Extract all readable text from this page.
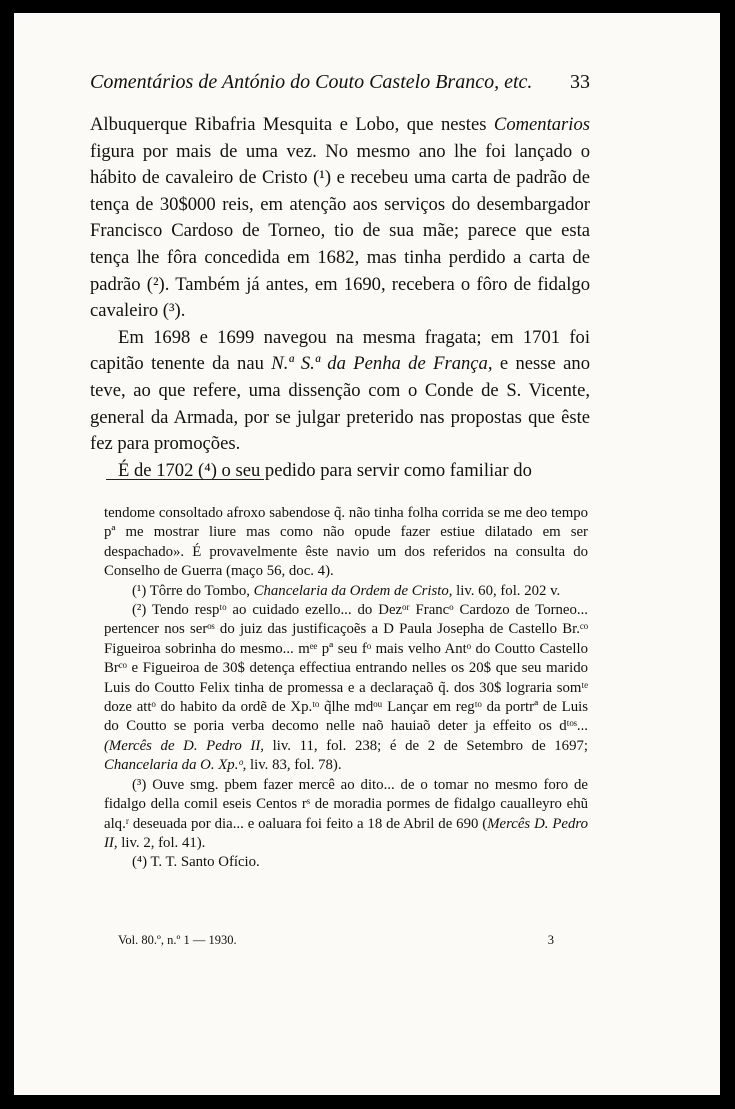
Comentários de António do Couto Castelo Branco, etc. 33

Albuquerque Ribafria Mesquita e Lobo, que nestes Comentarios figura por mais de uma vez. No mesmo ano lhe foi lançado o hábito de cavaleiro de Cristo (¹) e recebeu uma carta de padrão de tença de 30$000 reis, em atenção aos serviços do desembargador Francisco Cardoso de Torneo, tio de sua mãe; parece que esta tença lhe fôra concedida em 1682, mas tinha perdido a carta de padrão (²). Também já antes, em 1690, recebera o fôro de fidalgo cavaleiro (³).

Em 1698 e 1699 navegou na mesma fragata; em 1701 foi capitão tenente da nau N.ª S.ª da Penha de França, e nesse ano teve, ao que refere, uma dissenção com o Conde de S. Vicente, general da Armada, por se julgar preterido nas propostas que êste fez para promoções.

É de 1702 (⁴) o seu pedido para servir como familiar do

tendome consoltado afroxo sabendose q̃. não tinha folha corrida se me deo tempo pª me mostrar liure mas como não opude fazer estiue dilatado em ser despachado». É provavelmente êste navio um dos referidos na consulta do Conselho de Guerra (maço 56, doc. 4).

(¹) Tôrre do Tombo, Chancelaria da Ordem de Cristo, liv. 60, fol. 202 v.

(²) Tendo respᵗᵒ ao cuidado ezello... do Dezᵒʳ Francᵒ Cardozo de Torneo... pertencer nos serᵒˢ do juiz das justificaçoẽs a D Paula Josepha de Castello Br.ᶜᵒ Figueiroa sobrinha do mesmo... mᵉᵉ pª seu fᵒ mais velho Antᵒ do Coutto Castello Brᶜᵒ e Figueiroa de 30$ detença effectiua entrando nelles os 20$ que seu marido Luis do Coutto Felix tinha de promessa e a declaraçaõ q̃. dos 30$ lograria somᵗᵉ doze attᵒ do habito da ordẽ de Xp.ᵗᵒ q̃lhe mdᵒᵘ Lançar em regᵗᵒ da portrª de Luis do Coutto se poria verba decomo nelle naõ hauiaõ deter ja effeito os dᵗᵒˢ... (Mercês de D. Pedro II, liv. 11, fol. 238; é de 2 de Setembro de 1697; Chancelaria da O. Xp.ᵒ, liv. 83, fol. 78).

(³) Ouve smg. pbem fazer mercê ao dito... de o tomar no mesmo foro de fidalgo della comil eseis Centos rˢ de moradia pormes de fidalgo caualleyro ehũ alq.ʳ deseuada por dia... e oaluara foi feito a 18 de Abril de 690 (Mercês D. Pedro II, liv. 2, fol. 41).

(⁴) T. T. Santo Ofício.

Vol. 80.º, n.º 1 — 1930.	3
